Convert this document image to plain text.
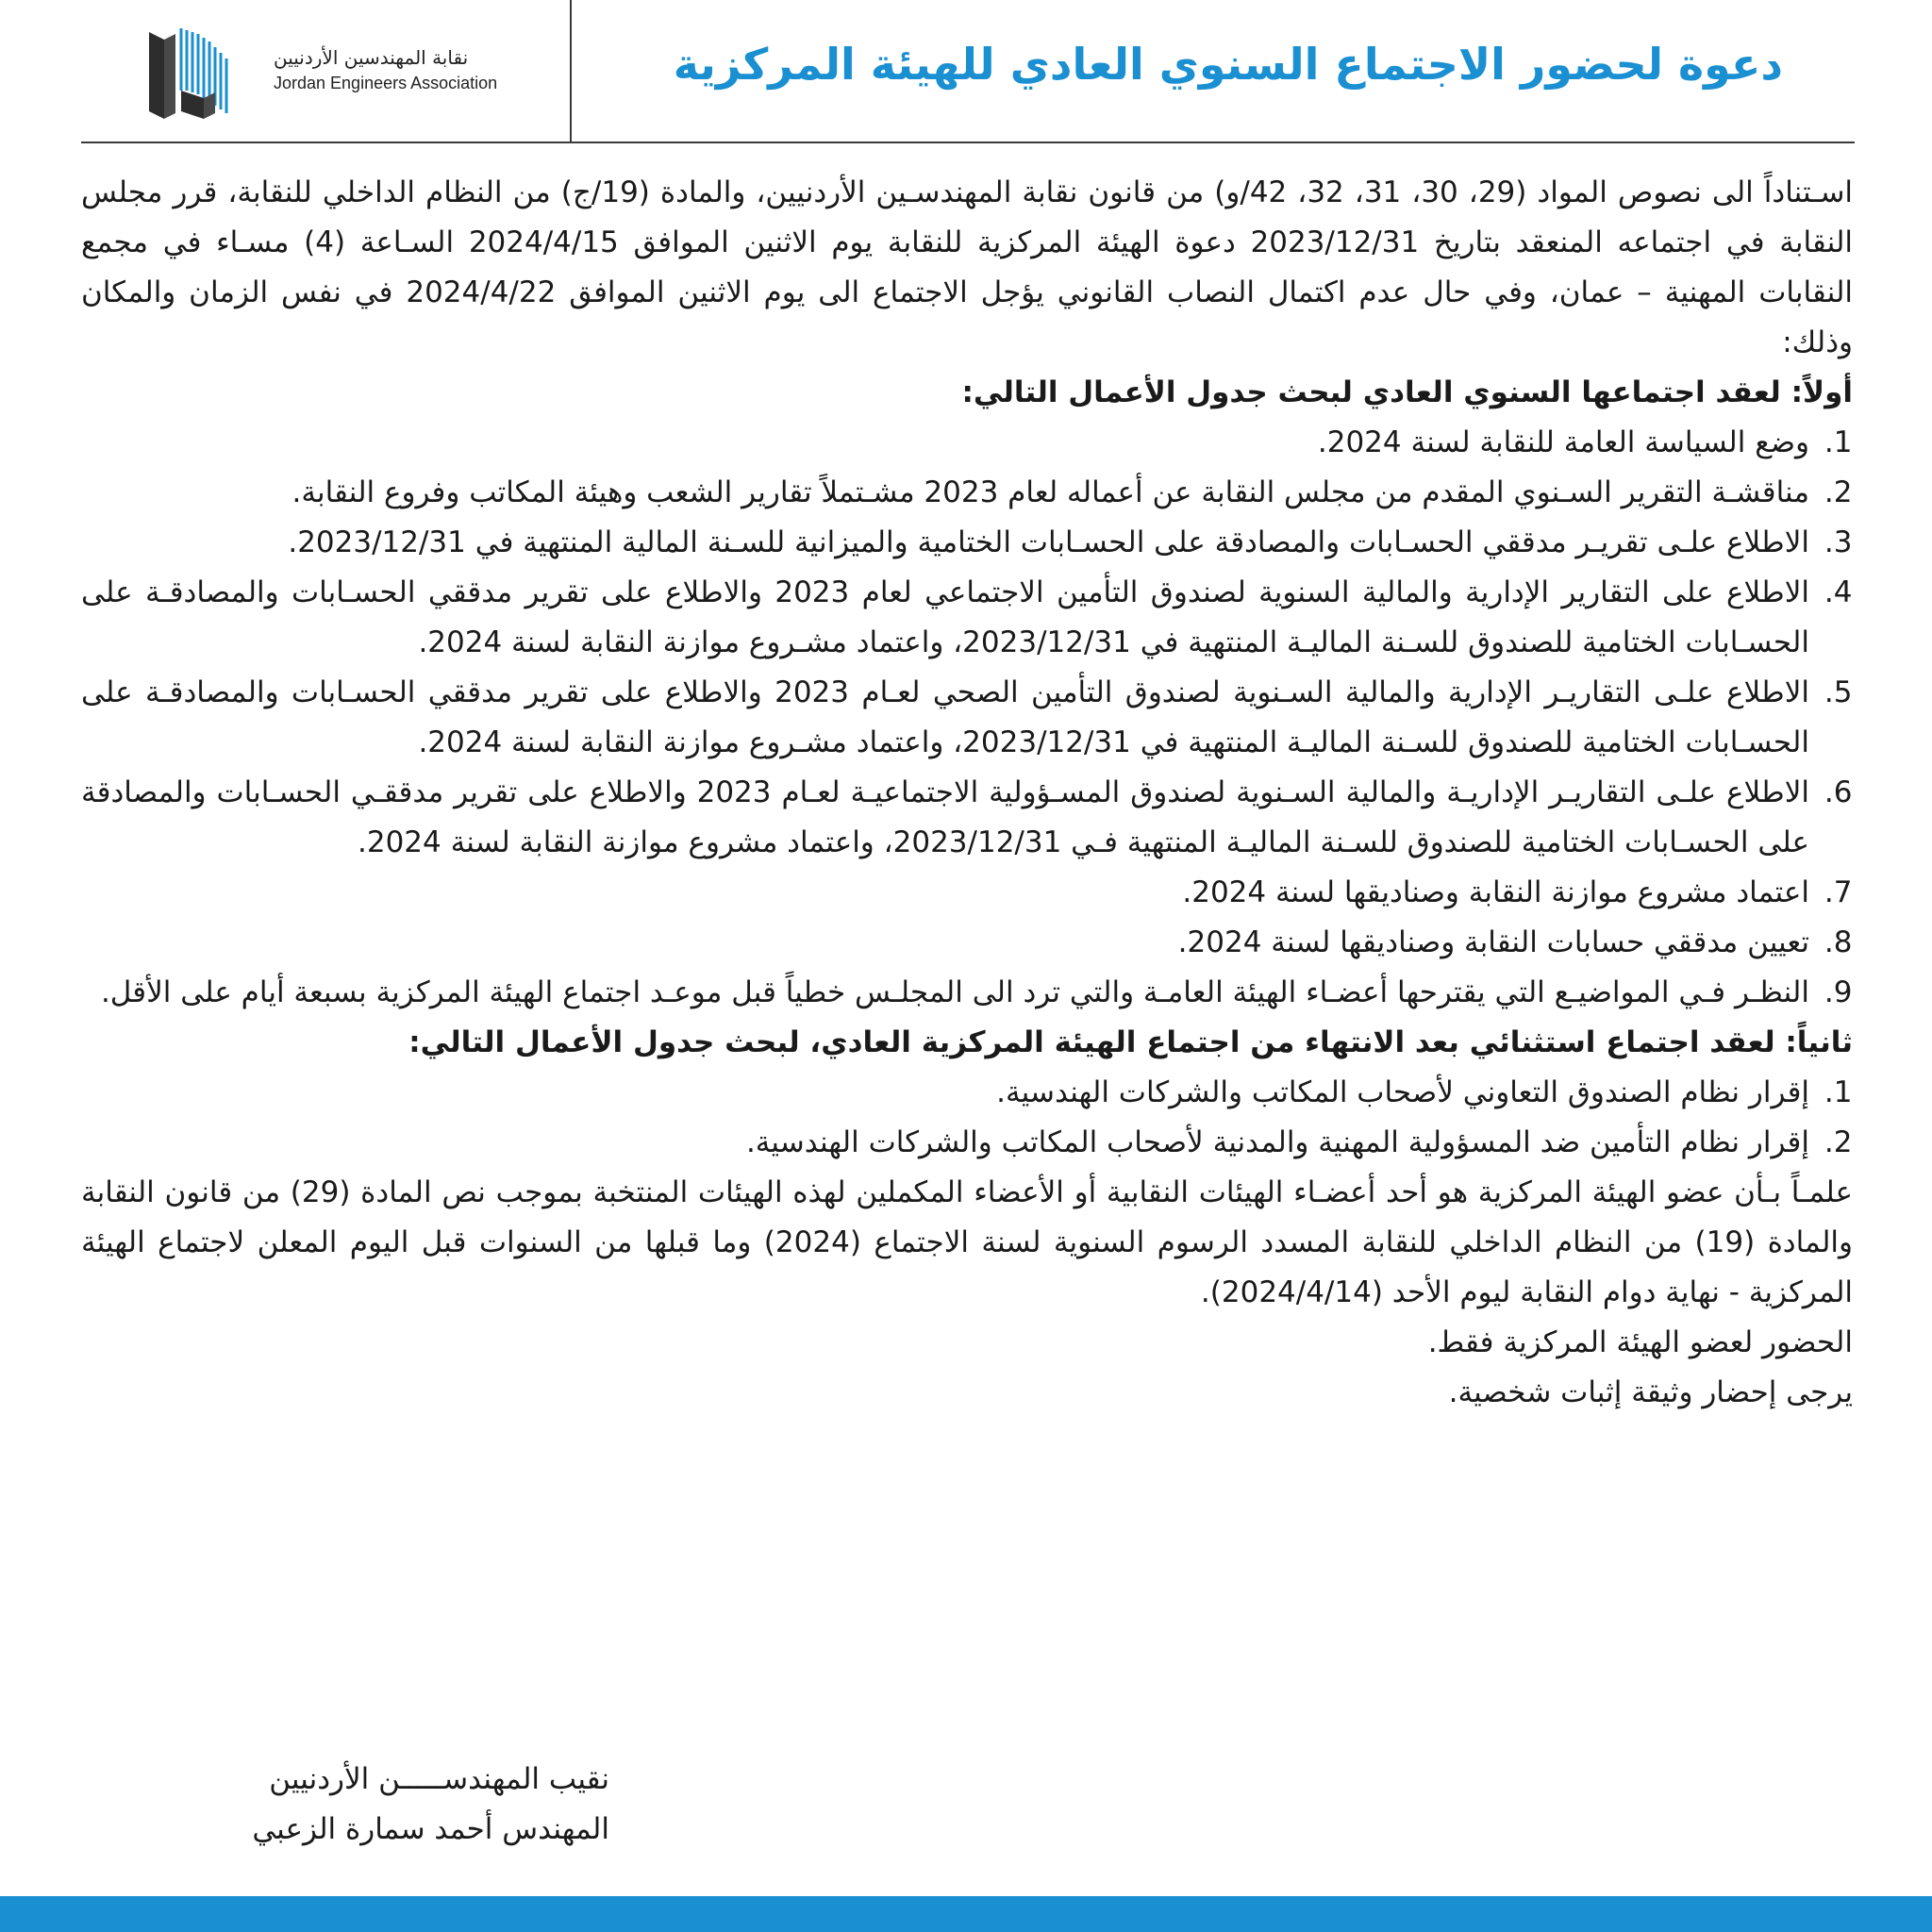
دعوة لحضور الاجتماع السنوي العادي للهيئة المركزية
نقابة المهندسين الأردنيين
Jordan Engineers Association

اسـتناداً الى نصوص المواد (29، 30، 31، 32، 42/و) من قانون نقابة المهندسـين الأردنيين، والمادة (19/ج) من النظام الداخلي للنقابة، قرر مجلس النقابة في اجتماعه المنعقد بتاريخ 2023/12/31 دعوة الهيئة المركزية للنقابة يوم الاثنين الموافق 2024/4/15 السـاعة (4) مسـاء في مجمع النقابات المهنية – عمان، وفي حال عدم اكتمال النصاب القانوني يؤجل الاجتماع الى يوم الاثنين الموافق 2024/4/22 في نفس الزمان والمكان وذلك:

أولاً: لعقد اجتماعها السنوي العادي لبحث جدول الأعمال التالي:

1. وضع السياسة العامة للنقابة لسنة 2024.
2. مناقشـة التقرير السـنوي المقدم من مجلس النقابة عن أعماله لعام 2023 مشـتملاً تقارير الشعب وهيئة المكاتب وفروع النقابة.
3. الاطلاع علـى تقريـر مدققي الحسـابات والمصادقة على الحسـابات الختامية والميزانية للسـنة المالية المنتهية في 2023/12/31.
4. الاطلاع على التقارير الإدارية والمالية السنوية لصندوق التأمين الاجتماعي لعام 2023 والاطلاع على تقرير مدققي الحسـابات والمصادقـة على الحسـابات الختامية للصندوق للسـنة الماليـة المنتهية في 2023/12/31، واعتماد مشـروع موازنة النقابة لسنة 2024.
5. الاطلاع علـى التقاريـر الإدارية والمالية السـنوية لصندوق التأمين الصحي لعـام 2023 والاطلاع على تقرير مدققي الحسـابات والمصادقـة على الحسـابات الختامية للصندوق للسـنة الماليـة المنتهية في 2023/12/31، واعتماد مشـروع موازنة النقابة لسنة 2024.
6. الاطلاع علـى التقاريـر الإداريـة والمالية السـنوية لصندوق المسـؤولية الاجتماعيـة لعـام 2023 والاطلاع على تقرير مدققـي الحسـابات والمصادقة على الحسـابات الختامية للصندوق للسـنة الماليـة المنتهية فـي 2023/12/31، واعتماد مشروع موازنة النقابة لسنة 2024.
7. اعتماد مشروع موازنة النقابة وصناديقها لسنة 2024.
8. تعيين مدققي حسابات النقابة وصناديقها لسنة 2024.
9. النظـر فـي المواضيـع التي يقترحها أعضـاء الهيئة العامـة والتي ترد الى المجلـس خطياً قبل موعـد اجتماع الهيئة المركزية بسبعة أيام على الأقل.

ثانياً: لعقد اجتماع استثنائي بعد الانتهاء من اجتماع الهيئة المركزية العادي، لبحث جدول الأعمال التالي:

1. إقرار نظام الصندوق التعاوني لأصحاب المكاتب والشركات الهندسية.
2. إقرار نظام التأمين ضد المسؤولية المهنية والمدنية لأصحاب المكاتب والشركات الهندسية.

علمـاً بـأن عضو الهيئة المركزية هو أحد أعضـاء الهيئات النقابية أو الأعضاء المكملين لهذه الهيئات المنتخبة بموجب نص المادة (29) من قانون النقابة والمادة (19) من النظام الداخلي للنقابة المسدد الرسوم السنوية لسنة الاجتماع (2024) وما قبلها من السنوات قبل اليوم المعلن لاجتماع الهيئة المركزية - نهاية دوام النقابة ليوم الأحد (2024/4/14).

الحضور لعضو الهيئة المركزية فقط.

يرجى إحضار وثيقة إثبات شخصية.

نقيب المهندســـــن الأردنيين

المهندس أحمد سمارة الزعبي
